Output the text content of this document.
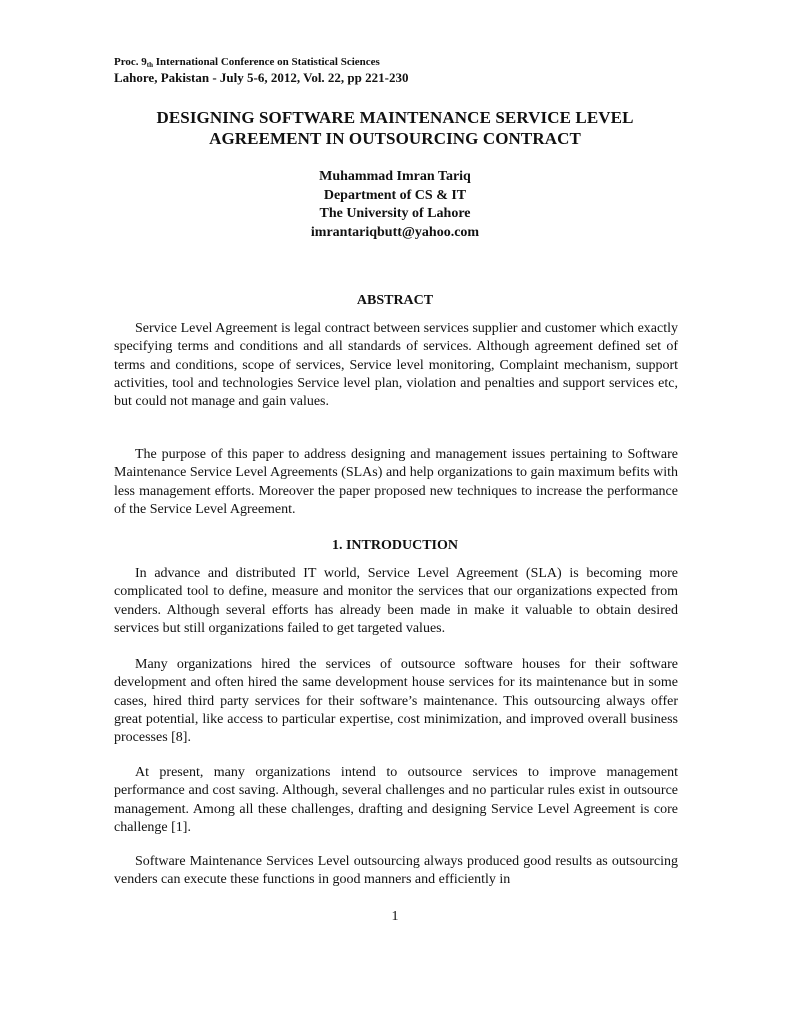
Proc. $9_{th}$ International Conference on Statistical Sciences
Lahore, Pakistan - July 5-6, 2012, Vol. 22, pp 221-230
DESIGNING SOFTWARE MAINTENANCE SERVICE LEVEL
AGREEMENT IN OUTSOURCING CONTRACT
Muhammad Imran Tariq
Department of CS & IT
The University of Lahore
imrantariqbutt@yahoo.com
ABSTRACT

Service Level Agreement is legal contract between services supplier and customer which exactly specifying terms and conditions and all standards of services. Although agreement defined set of terms and conditions, scope of services, Service level monitoring, Complaint mechanism, support activities, tool and technologies Service level plan, violation and penalties and support services etc, but could not manage and gain values.

The purpose of this paper to address designing and management issues pertaining to Software Maintenance Service Level Agreements (SLAs) and help organizations to gain maximum befits with less management efforts. Moreover the paper proposed new techniques to increase the performance of the Service Level Agreement.

1. INTRODUCTION

In advance and distributed IT world, Service Level Agreement (SLA) is becoming more complicated tool to define, measure and monitor the services that our organizations expected from venders. Although several efforts has already been made in make it valuable to obtain desired services but still organizations failed to get targeted values.

Many organizations hired the services of outsource software houses for their software development and often hired the same development house services for its maintenance but in some cases, hired third party services for their software’s maintenance. This outsourcing always offer great potential, like access to particular expertise, cost minimization, and improved overall business processes [8].

At present, many organizations intend to outsource services to improve management performance and cost saving. Although, several challenges and no particular rules exist in outsource management. Among all these challenges, drafting and designing Service Level Agreement is core challenge [1].

Software Maintenance Services Level outsourcing always produced good results as outsourcing venders can execute these functions in good manners and efficiently in

1
